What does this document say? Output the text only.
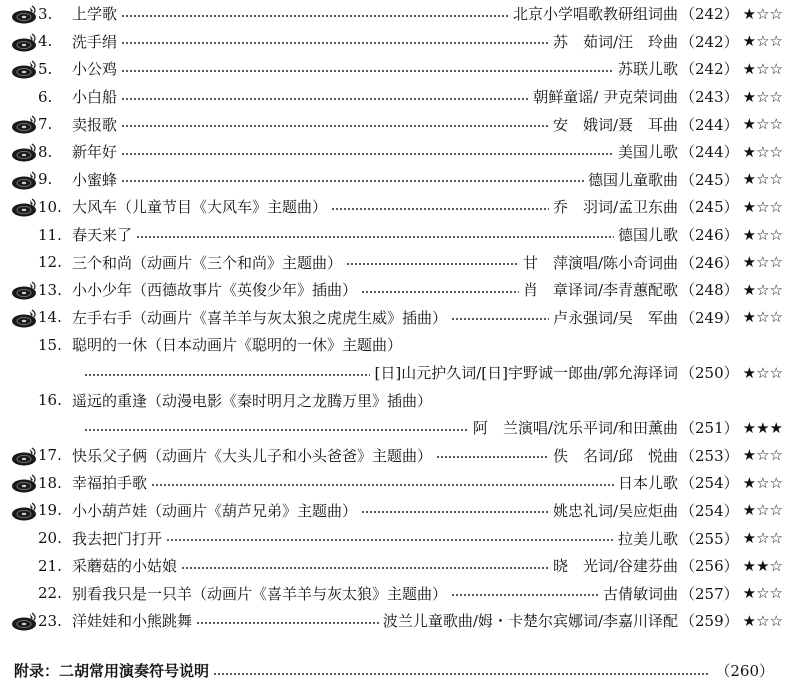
3.	上学歌	北京小学唱歌教研组词曲 （242） ★☆☆
4.	洗手绢	苏　茹词/汪　玲曲 （242） ★☆☆
5.	小公鸡	苏联儿歌 （242） ★☆☆
6.	小白船	朝鲜童谣/ 尹克荣词曲 （243） ★☆☆
7.	卖报歌	安　娥词/聂　耳曲 （244） ★☆☆
8.	新年好	美国儿歌 （244） ★☆☆
9.	小蜜蜂	德国儿童歌曲 （245） ★☆☆
10. 大风车（儿童节目《大风车》主题曲）	乔　羽词/孟卫东曲 （245） ★☆☆
11. 春天来了	德国儿歌 （246） ★☆☆
12. 三个和尚（动画片《三个和尚》主题曲）	甘　萍演唱/陈小奇词曲 （246） ★☆☆
13. 小小少年（西德故事片《英俊少年》插曲）	肖　章译词/李青蕙配歌 （248） ★☆☆
14. 左手右手（动画片《喜羊羊与灰太狼之虎虎生威》插曲）	卢永强词/吴　军曲 （249） ★☆☆
15. 聪明的一休（日本动画片《聪明的一休》主题曲）
[日]山元护久词/[日]宇野诚一郎曲/郭允海译词 （250） ★☆☆
16. 遥远的重逢（动漫电影《秦时明月之龙腾万里》插曲）
阿　兰演唱/沈乐平词/和田薰曲 （251） ★★★
17. 快乐父子俩（动画片《大头儿子和小头爸爸》主题曲）	佚　名词/邱　悦曲 （253） ★☆☆
18. 幸福拍手歌	日本儿歌 （254） ★☆☆
19. 小小葫芦娃（动画片《葫芦兄弟》主题曲）	姚忠礼词/吴应炬曲 （254） ★☆☆
20. 我去把门打开	拉美儿歌 （255） ★☆☆
21. 采蘑菇的小姑娘	晓　光词/谷建芬曲 （256） ★★☆
22. 别看我只是一只羊（动画片《喜羊羊与灰太狼》主题曲）	古倩敏词曲 （257） ★☆☆
23. 洋娃娃和小熊跳舞	波兰儿童歌曲/姆・卡楚尔宾娜词/李嘉川译配 （259） ★☆☆
附录：二胡常用演奏符号说明	（260）
